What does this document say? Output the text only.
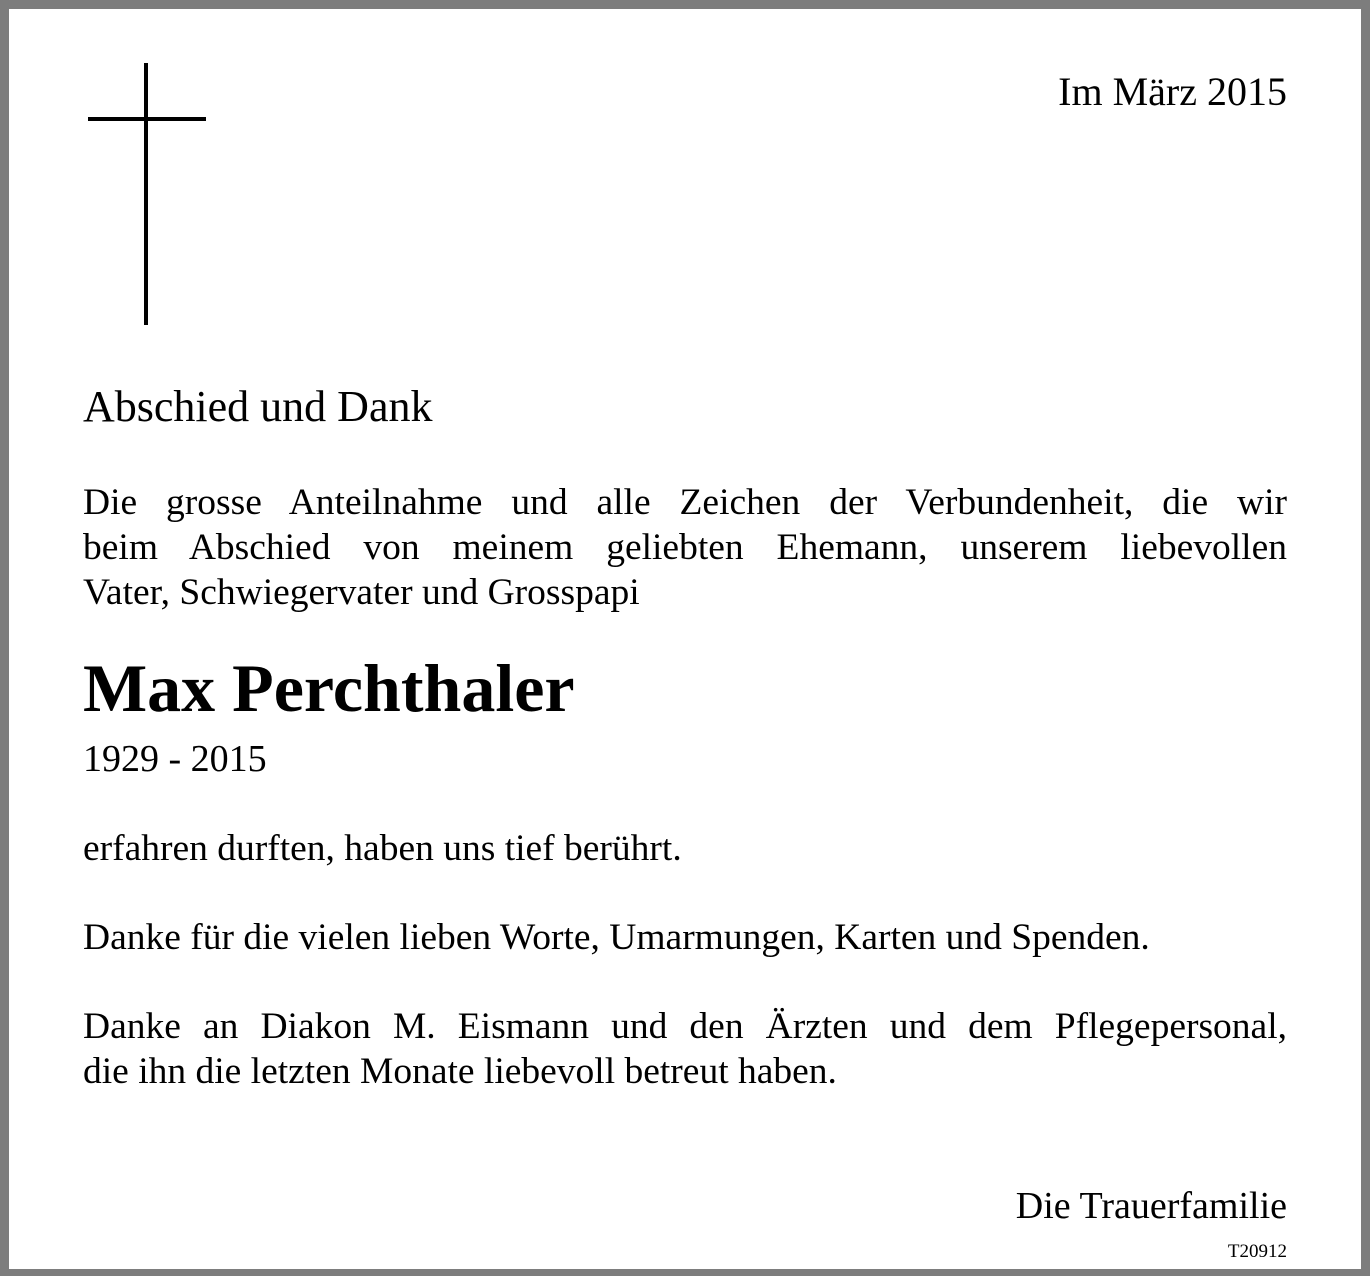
Im März 2015
Abschied und Dank
Die grosse Anteilnahme und alle Zeichen der Verbundenheit, die wir
beim Abschied von meinem geliebten Ehemann, unserem liebevollen
Vater, Schwiegervater und Grosspapi
Max Perchthaler
1929 - 2015
erfahren durften, haben uns tief berührt.
Danke für die vielen lieben Worte, Umarmungen, Karten und Spenden.
Danke an Diakon M. Eismann und den Ärzten und dem Pflegepersonal,
die ihn die letzten Monate liebevoll betreut haben.
Die Trauerfamilie
T20912
